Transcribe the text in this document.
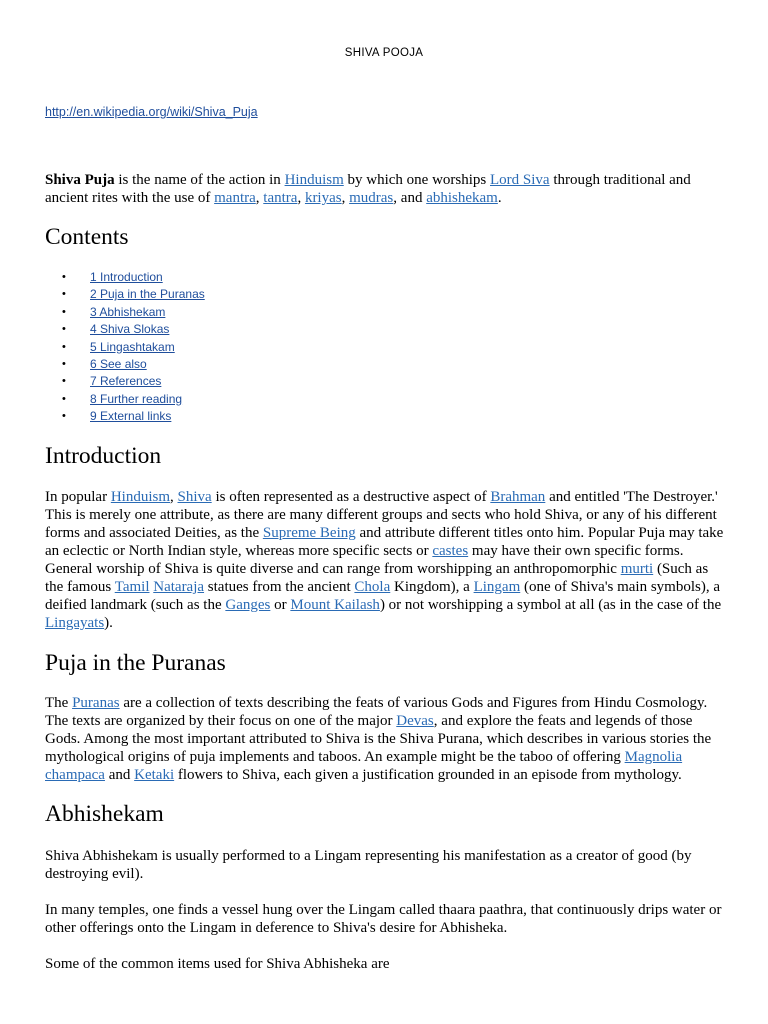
SHIVA POOJA
http://en.wikipedia.org/wiki/Shiva_Puja

Shiva Puja is the name of the action in Hinduism by which one worships Lord Siva through traditional and ancient rites with the use of mantra, tantra, kriyas, mudras, and abhishekam.

Contents
• 1 Introduction
• 2 Puja in the Puranas
• 3 Abhishekam
• 4 Shiva Slokas
• 5 Lingashtakam
• 6 See also
• 7 References
• 8 Further reading
• 9 External links
Introduction

In popular Hinduism, Shiva is often represented as a destructive aspect of Brahman and entitled 'The Destroyer.' This is merely one attribute, as there are many different groups and sects who hold Shiva, or any of his different forms and associated Deities, as the Supreme Being and attribute different titles onto him. Popular Puja may take an eclectic or North Indian style, whereas more specific sects or castes may have their own specific forms. General worship of Shiva is quite diverse and can range from worshipping an anthropomorphic murti (Such as the famous Tamil Nataraja statues from the ancient Chola Kingdom), a Lingam (one of Shiva's main symbols), a deified landmark (such as the Ganges or Mount Kailash) or not worshipping a symbol at all (as in the case of the Lingayats).

Puja in the Puranas

The Puranas are a collection of texts describing the feats of various Gods and Figures from Hindu Cosmology. The texts are organized by their focus on one of the major Devas, and explore the feats and legends of those Gods. Among the most important attributed to Shiva is the Shiva Purana, which describes in various stories the mythological origins of puja implements and taboos. An example might be the taboo of offering Magnolia champaca and Ketaki flowers to Shiva, each given a justification grounded in an episode from mythology.

Abhishekam

Shiva Abhishekam is usually performed to a Lingam representing his manifestation as a creator of good (by destroying evil).

In many temples, one finds a vessel hung over the Lingam called thaara paathra, that continuously drips water or other offerings onto the Lingam in deference to Shiva's desire for Abhisheka.

Some of the common items used for Shiva Abhisheka are
